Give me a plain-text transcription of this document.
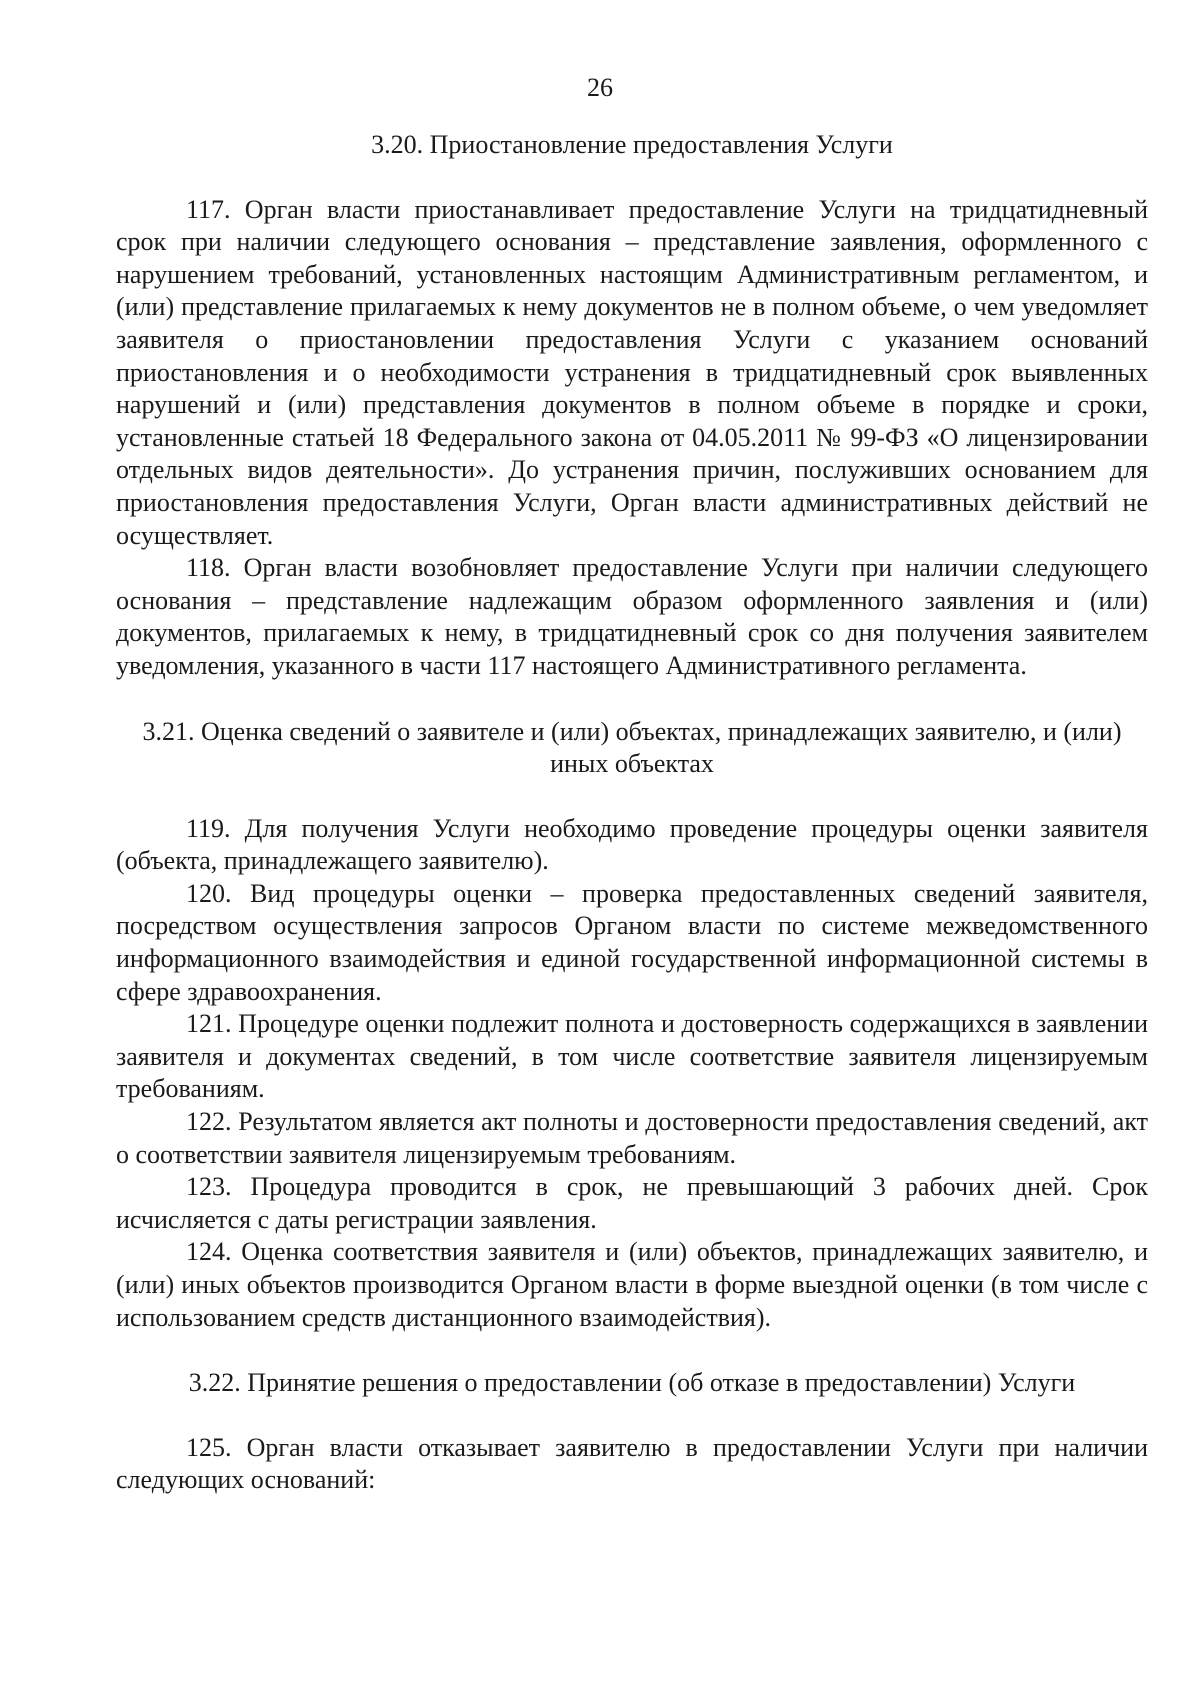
26
3.20. Приостановление предоставления Услуги

117. Орган власти приостанавливает предоставление Услуги на тридцатидневный срок при наличии следующего основания – представление заявления, оформленного с нарушением требований, установленных настоящим Административным регламентом, и (или) представление прилагаемых к нему документов не в полном объеме, о чем уведомляет заявителя о приостановлении предоставления Услуги с указанием оснований приостановления и о необходимости устранения в тридцатидневный срок выявленных нарушений и (или) представления документов в полном объеме в порядке и сроки, установленные статьей 18 Федерального закона от 04.05.2011 № 99-ФЗ «О лицензировании отдельных видов деятельности». До устранения причин, послуживших основанием для приостановления предоставления Услуги, Орган власти административных действий не осуществляет.

118. Орган власти возобновляет предоставление Услуги при наличии следующего основания – представление надлежащим образом оформленного заявления и (или) документов, прилагаемых к нему, в тридцатидневный срок со дня получения заявителем уведомления, указанного в части 117 настоящего Административного регламента.

3.21. Оценка сведений о заявителе и (или) объектах, принадлежащих заявителю, и (или) иных объектах

119. Для получения Услуги необходимо проведение процедуры оценки заявителя (объекта, принадлежащего заявителю).

120. Вид процедуры оценки – проверка предоставленных сведений заявителя, посредством осуществления запросов Органом власти по системе межведомственного информационного взаимодействия и единой государственной информационной системы в сфере здравоохранения.

121. Процедуре оценки подлежит полнота и достоверность содержащихся в заявлении заявителя и документах сведений, в том числе соответствие заявителя лицензируемым требованиям.

122. Результатом является акт полноты и достоверности предоставления сведений, акт о соответствии заявителя лицензируемым требованиям.

123. Процедура проводится в срок, не превышающий 3 рабочих дней. Срок исчисляется с даты регистрации заявления.

124. Оценка соответствия заявителя и (или) объектов, принадлежащих заявителю, и (или) иных объектов производится Органом власти в форме выездной оценки (в том числе с использованием средств дистанционного взаимодействия).

3.22. Принятие решения о предоставлении (об отказе в предоставлении) Услуги

125. Орган власти отказывает заявителю в предоставлении Услуги при наличии следующих оснований:
